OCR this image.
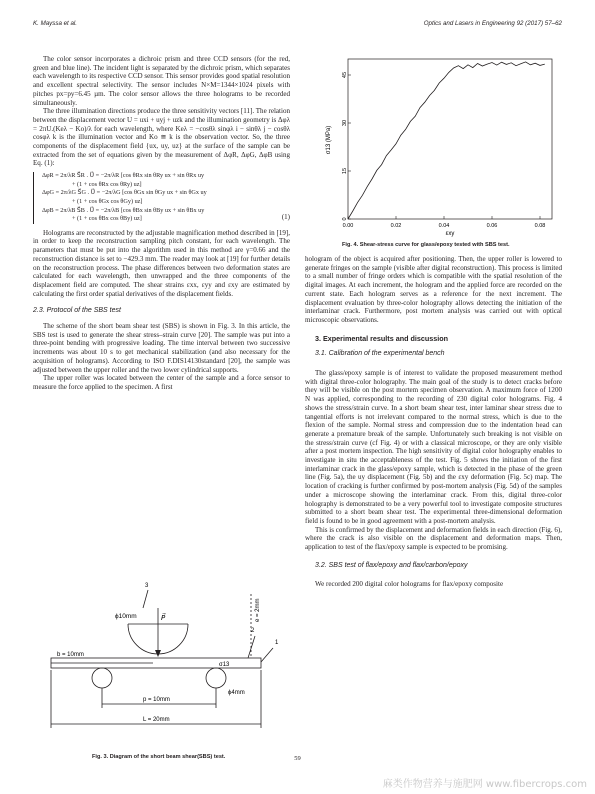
K. Mayssa et al.	Optics and Lasers in Engineering 92 (2017) 57–62

The color sensor incorporates a dichroic prism and three CCD sensors (for the red, green and blue line). The incident light is separated by the dichroic prism, which separates each wavelength to its respective CCD sensor. This sensor provides good spatial resolution and excellent spectral selectivity. The sensor includes N×M=1344×1024 pixels with pitches px=py=6.45 µm. The color sensor allows the three holograms to be recorded simultaneously.

The three illumination directions produce the three sensitivity vectors [11]. The relation between the displacement vector U = uxi + uyj + uzk and the illumination geometry is Δφλ = 2πU.(Keλ − Ko)/λ for each wavelength, where Keλ = −cosθλ sinφλ i − sinθλ j − cosθλ cosφλ k is the illumination vector and Ko ≅ k is the observation vector. So, the three components of the displacement field {ux, uy, uz} at the surface of the sample can be extracted from the set of equations given by the measurement of ΔφR, ΔφG, ΔφB using Eq. (1):

ΔφR = 2π/λR S⃗R . U⃗ = −2π/λR [cos θRx sin θRy ux + sin θRx uy
+ (1 + cos θRx cos θRy) uz]
ΔφG = 2π/λG S⃗G . U⃗ = −2π/λG [cos θGx sin θGy ux + sin θGx uy
+ (1 + cos θGx cos θGy) uz]
ΔφB = 2π/λB S⃗B . U⃗ = −2π/λB [cos θBx sin θBy ux + sin θBx uy
+ (1 + cos θBx cos θBy) uz]	(1)

Holograms are reconstructed by the adjustable magnification method described in [19], in order to keep the reconstruction sampling pitch constant, for each wavelength. The parameters that must be put into the algorithm used in this method are γ=0.66 and the reconstruction distance is set to −429.3 mm. The reader may look at [19] for further details on the reconstruction process. The phase differences between two deformation states are calculated for each wavelength, then unwrapped and the three components of the displacement field are computed. The shear strains εxx, εyy and εxy are estimated by calculating the first order spatial derivatives of the displacement fields.

2.3. Protocol of the SBS test

The scheme of the short beam shear test (SBS) is shown in Fig. 3. In this article, the SBS test is used to generate the shear stress–strain curve [20]. The sample was put into a three-point bending with progressive loading. The time interval between two successive increments was about 10 s to get mechanical stabilization (and also necessary for the acquisition of holograms). According to ISO F.DIS14130standard [20], the sample was adjusted between the upper roller and the two lower cylindrical supports.

The upper roller was located between the center of the sample and a force sensor to measure the force applied to the specimen. A first

3
2
1
ϕ10mm	P⃗	e = 2mm
b = 10mm
σ13
ϕ4mm
p = 10mm
L = 20mm
Fig. 3. Diagram of the short beam shear(SBS) test.
0.00	0.02	0.04	0.06	0.08
0
15
30
45
σ13 (MPa)
εxy
Fig. 4. Shear-stress curve for glass/epoxy tested with SBS test.

hologram of the object is acquired after positioning. Then, the upper roller is lowered to generate fringes on the sample (visible after digital reconstruction). This process is limited to a small number of fringe orders which is compatible with the spatial resolution of the digital images. At each increment, the hologram and the applied force are recorded on the current state. Each hologram serves as a reference for the next increment. The displacement evaluation by three-color holography allows detecting the initiation of the interlaminar crack. Furthermore, post mortem analysis was carried out with optical microscopic observations.

3. Experimental results and discussion

3.1. Calibration of the experimental bench

The glass/epoxy sample is of interest to validate the proposed measurement method with digital three-color holography. The main goal of the study is to detect cracks before they will be visible on the post mortem specimen observation. A maximum force of 1200 N was applied, corresponding to the recording of 230 digital color holograms. Fig. 4 shows the stress/strain curve. In a short beam shear test, inter laminar shear stress due to tangential efforts is not irrelevant compared to the normal stress, which is due to the flexion of the sample. Normal stress and compression due to the indentation head can generate a premature break of the sample. Unfortunately such breaking is not visible on the stress/strain curve (cf Fig. 4) or with a classical microscope, or they are only visible after a post mortem inspection. The high sensitivity of digital color holography enables to investigate in situ the acceptableness of the test. Fig. 5 shows the initiation of the first interlaminar crack in the glass/epoxy sample, which is detected in the phase of the green line (Fig. 5a), the uy displacement (Fig. 5b) and the εxy deformation (Fig. 5c) map. The location of cracking is further confirmed by post-mortem analysis (Fig. 5d) of the samples under a microscope showing the interlaminar crack. From this, digital three-color holography is demonstrated to be a very powerful tool to investigate composite structures submitted to a short beam shear test. The experimental three-dimensional deformation field is found to be in good agreement with a post-mortem analysis.

This is confirmed by the displacement and deformation fields in each direction (Fig. 6), where the crack is also visible on the displacement and deformation maps. Then, application to test of the flax/epoxy sample is expected to be promising.

3.2. SBS test of flax/epoxy and flax/carbon/epoxy

We recorded 200 digital color holograms for flax/epoxy composite

59
麻类作物营养与施肥网 www.fibercrops.com
